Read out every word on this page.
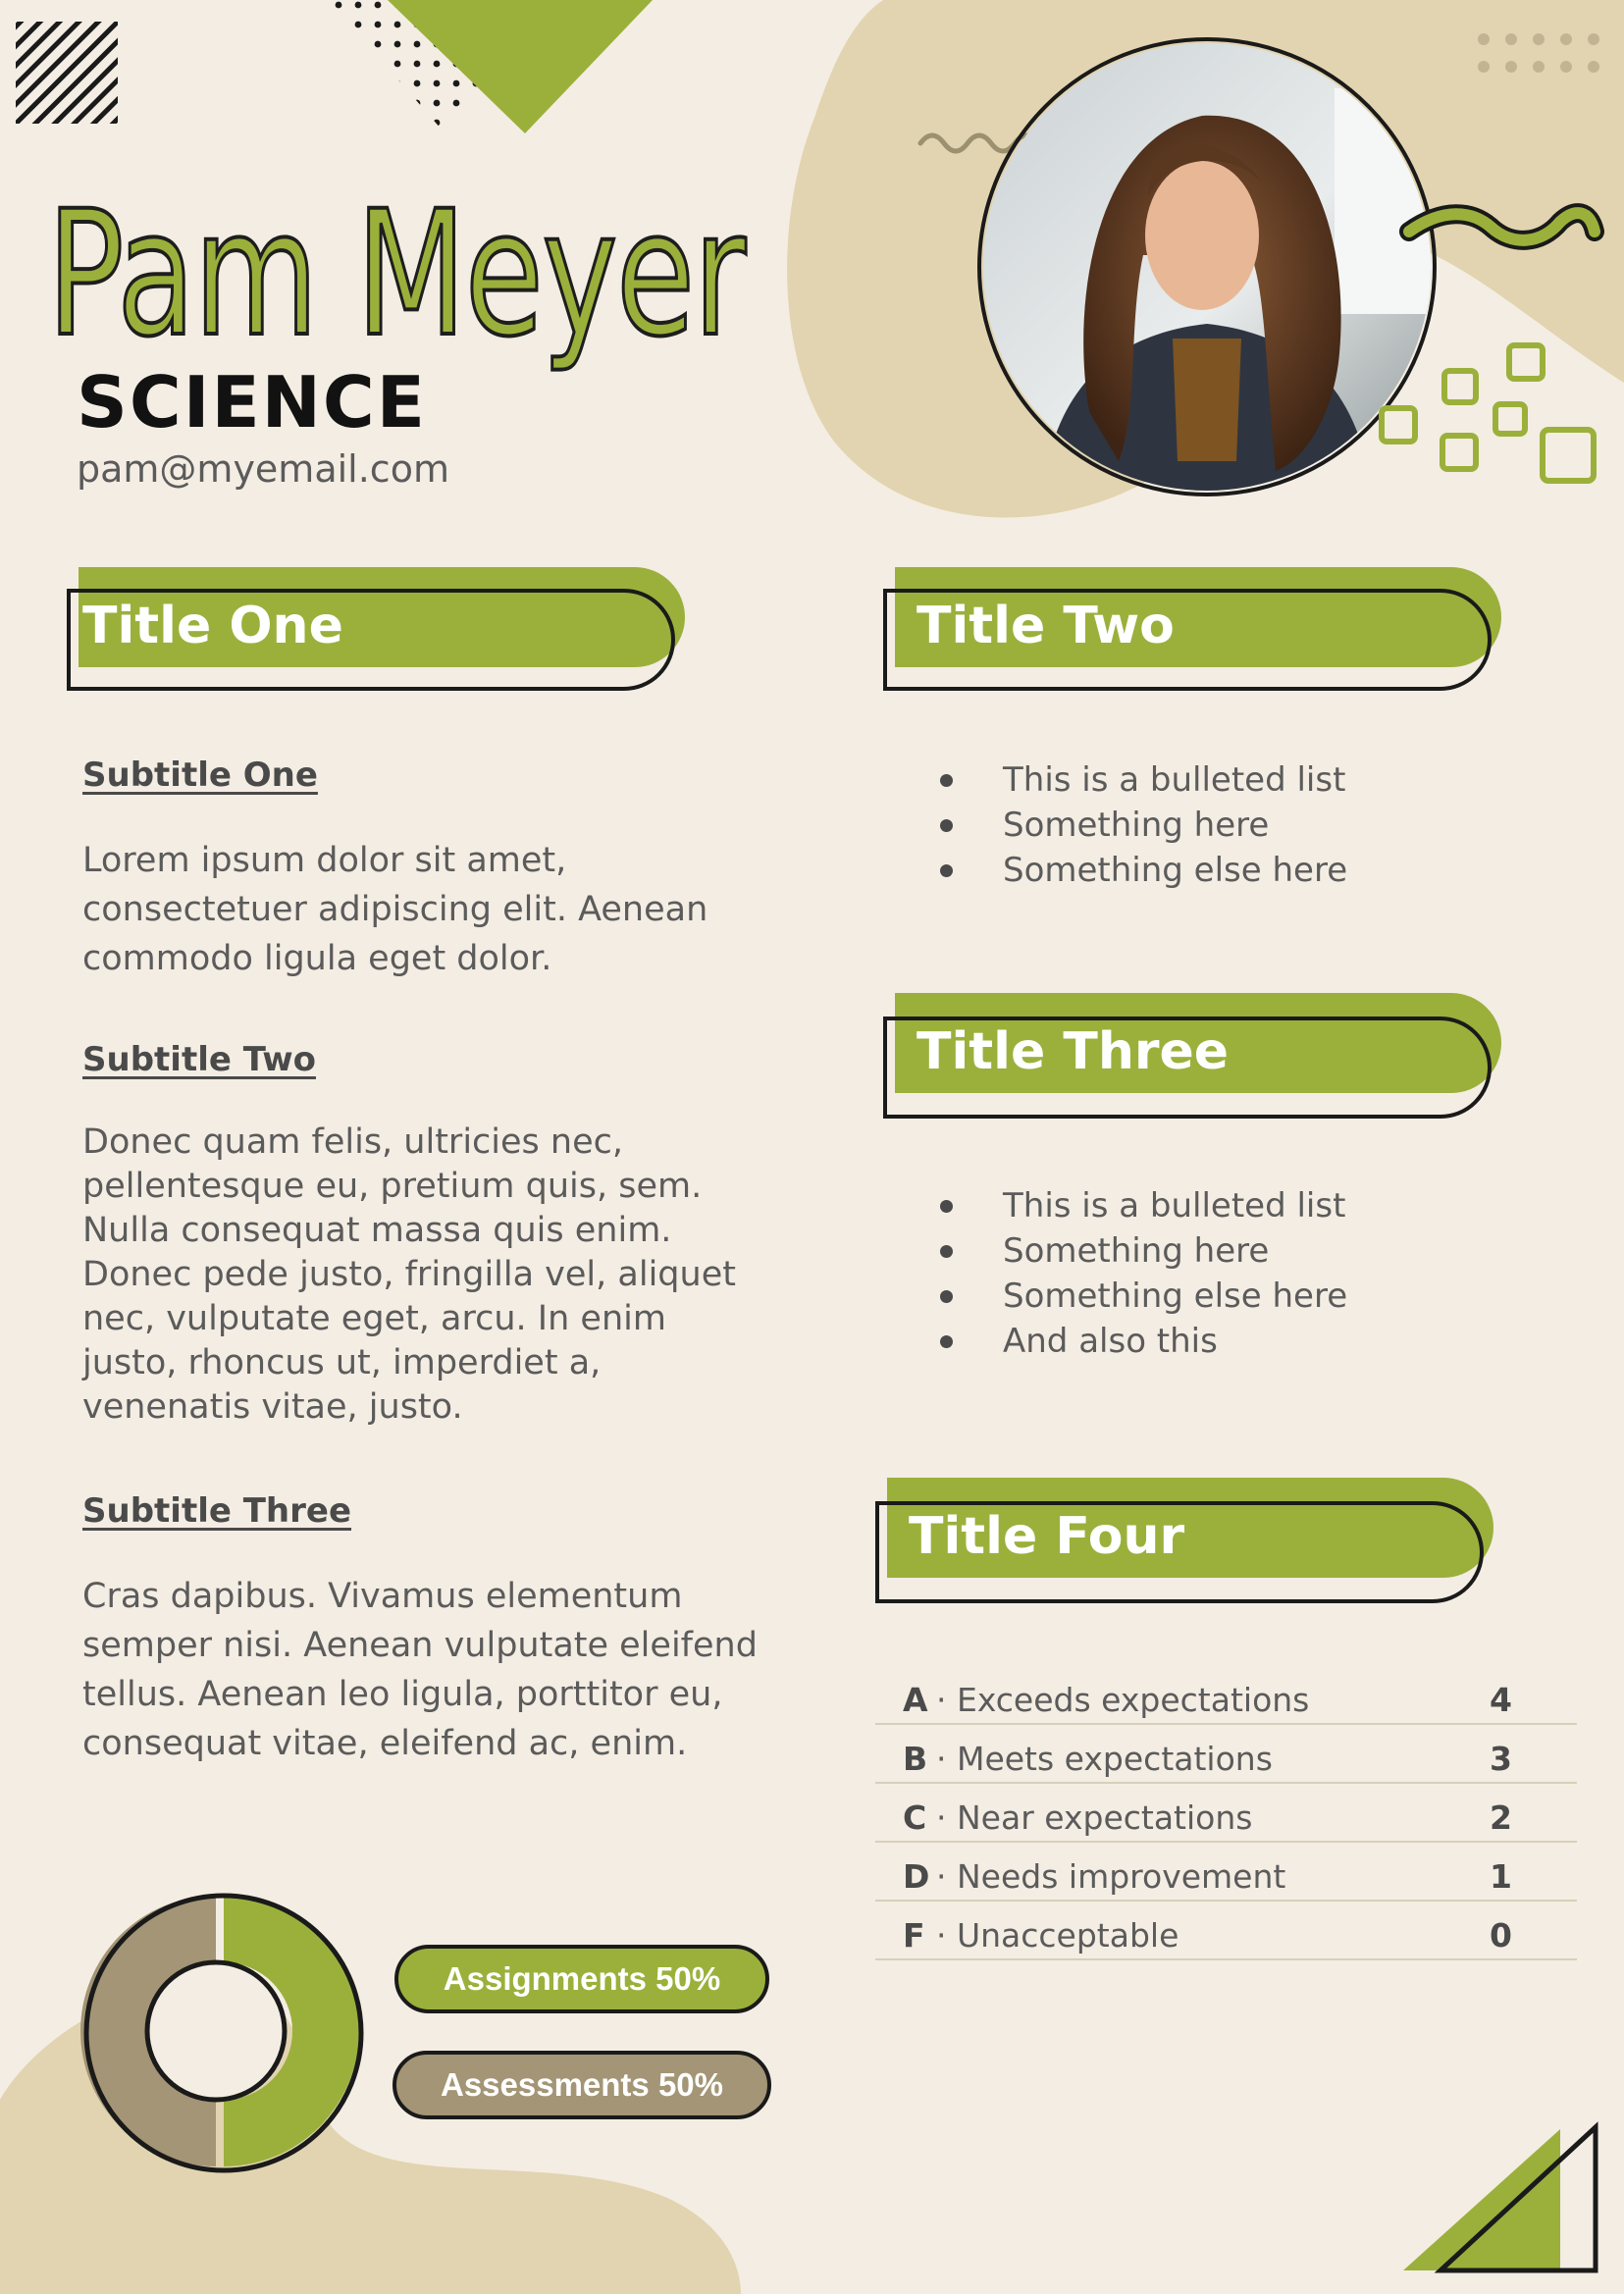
Pam Meyer
SCIENCE
pam@myemail.com
Title One
Subtitle One
Lorem ipsum dolor sit amet, consectetuer adipiscing elit. Aenean commodo ligula eget dolor.
Subtitle Two
Donec quam felis, ultricies nec, pellentesque eu, pretium quis, sem. Nulla consequat massa quis enim. Donec pede justo, fringilla vel, aliquet nec, vulputate eget, arcu. In enim justo, rhoncus ut, imperdiet a, venenatis vitae, justo.
Subtitle Three
Cras dapibus. Vivamus elementum semper nisi. Aenean vulputate eleifend tellus. Aenean leo ligula, porttitor eu, consequat vitae, eleifend ac, enim.
Assignments 50%
Assessments 50%
Title Two
This is a bulleted list
Something here
Something else here
Title Three
This is a bulleted list
Something here
Something else here
And also this
Title Four
A · Exceeds expectations	4
B · Meets expectations	3
C · Near expectations	2
D · Needs improvement	1
F · Unacceptable	0
